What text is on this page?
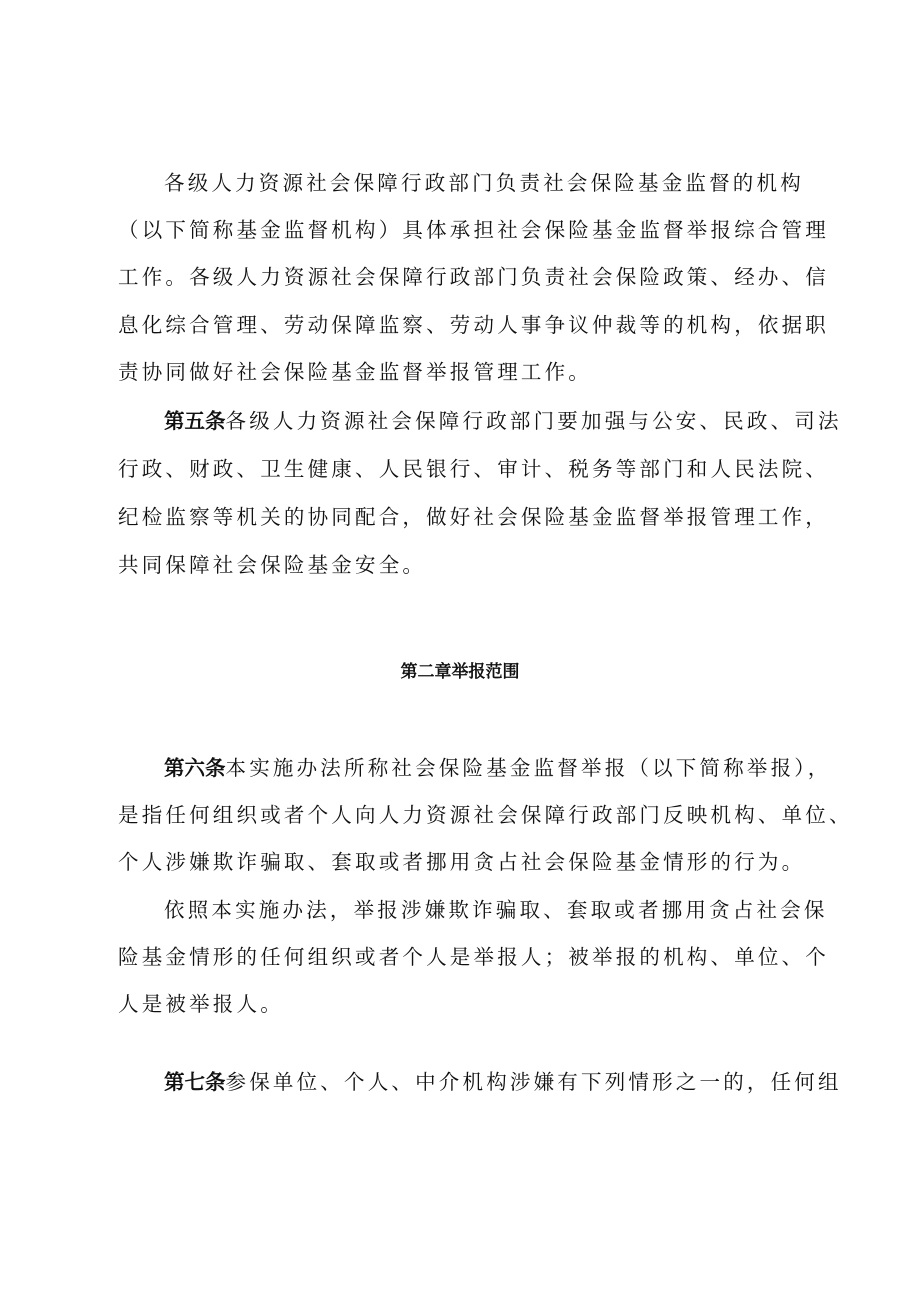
各级人力资源社会保障行政部门负责社会保险基金监督的机构
（以下简称基金监督机构）具体承担社会保险基金监督举报综合管理
工作。各级人力资源社会保障行政部门负责社会保险政策、经办、信
息化综合管理、劳动保障监察、劳动人事争议仲裁等的机构，依据职
责协同做好社会保险基金监督举报管理工作。
第五条各级人力资源社会保障行政部门要加强与公安、民政、司法
行政、财政、卫生健康、人民银行、审计、税务等部门和人民法院、
纪检监察等机关的协同配合，做好社会保险基金监督举报管理工作，
共同保障社会保险基金安全。
第二章举报范围
第六条本实施办法所称社会保险基金监督举报（以下简称举报），
是指任何组织或者个人向人力资源社会保障行政部门反映机构、单位、
个人涉嫌欺诈骗取、套取或者挪用贪占社会保险基金情形的行为。
依照本实施办法，举报涉嫌欺诈骗取、套取或者挪用贪占社会保
险基金情形的任何组织或者个人是举报人；被举报的机构、单位、个
人是被举报人。
第七条参保单位、个人、中介机构涉嫌有下列情形之一的，任何组
